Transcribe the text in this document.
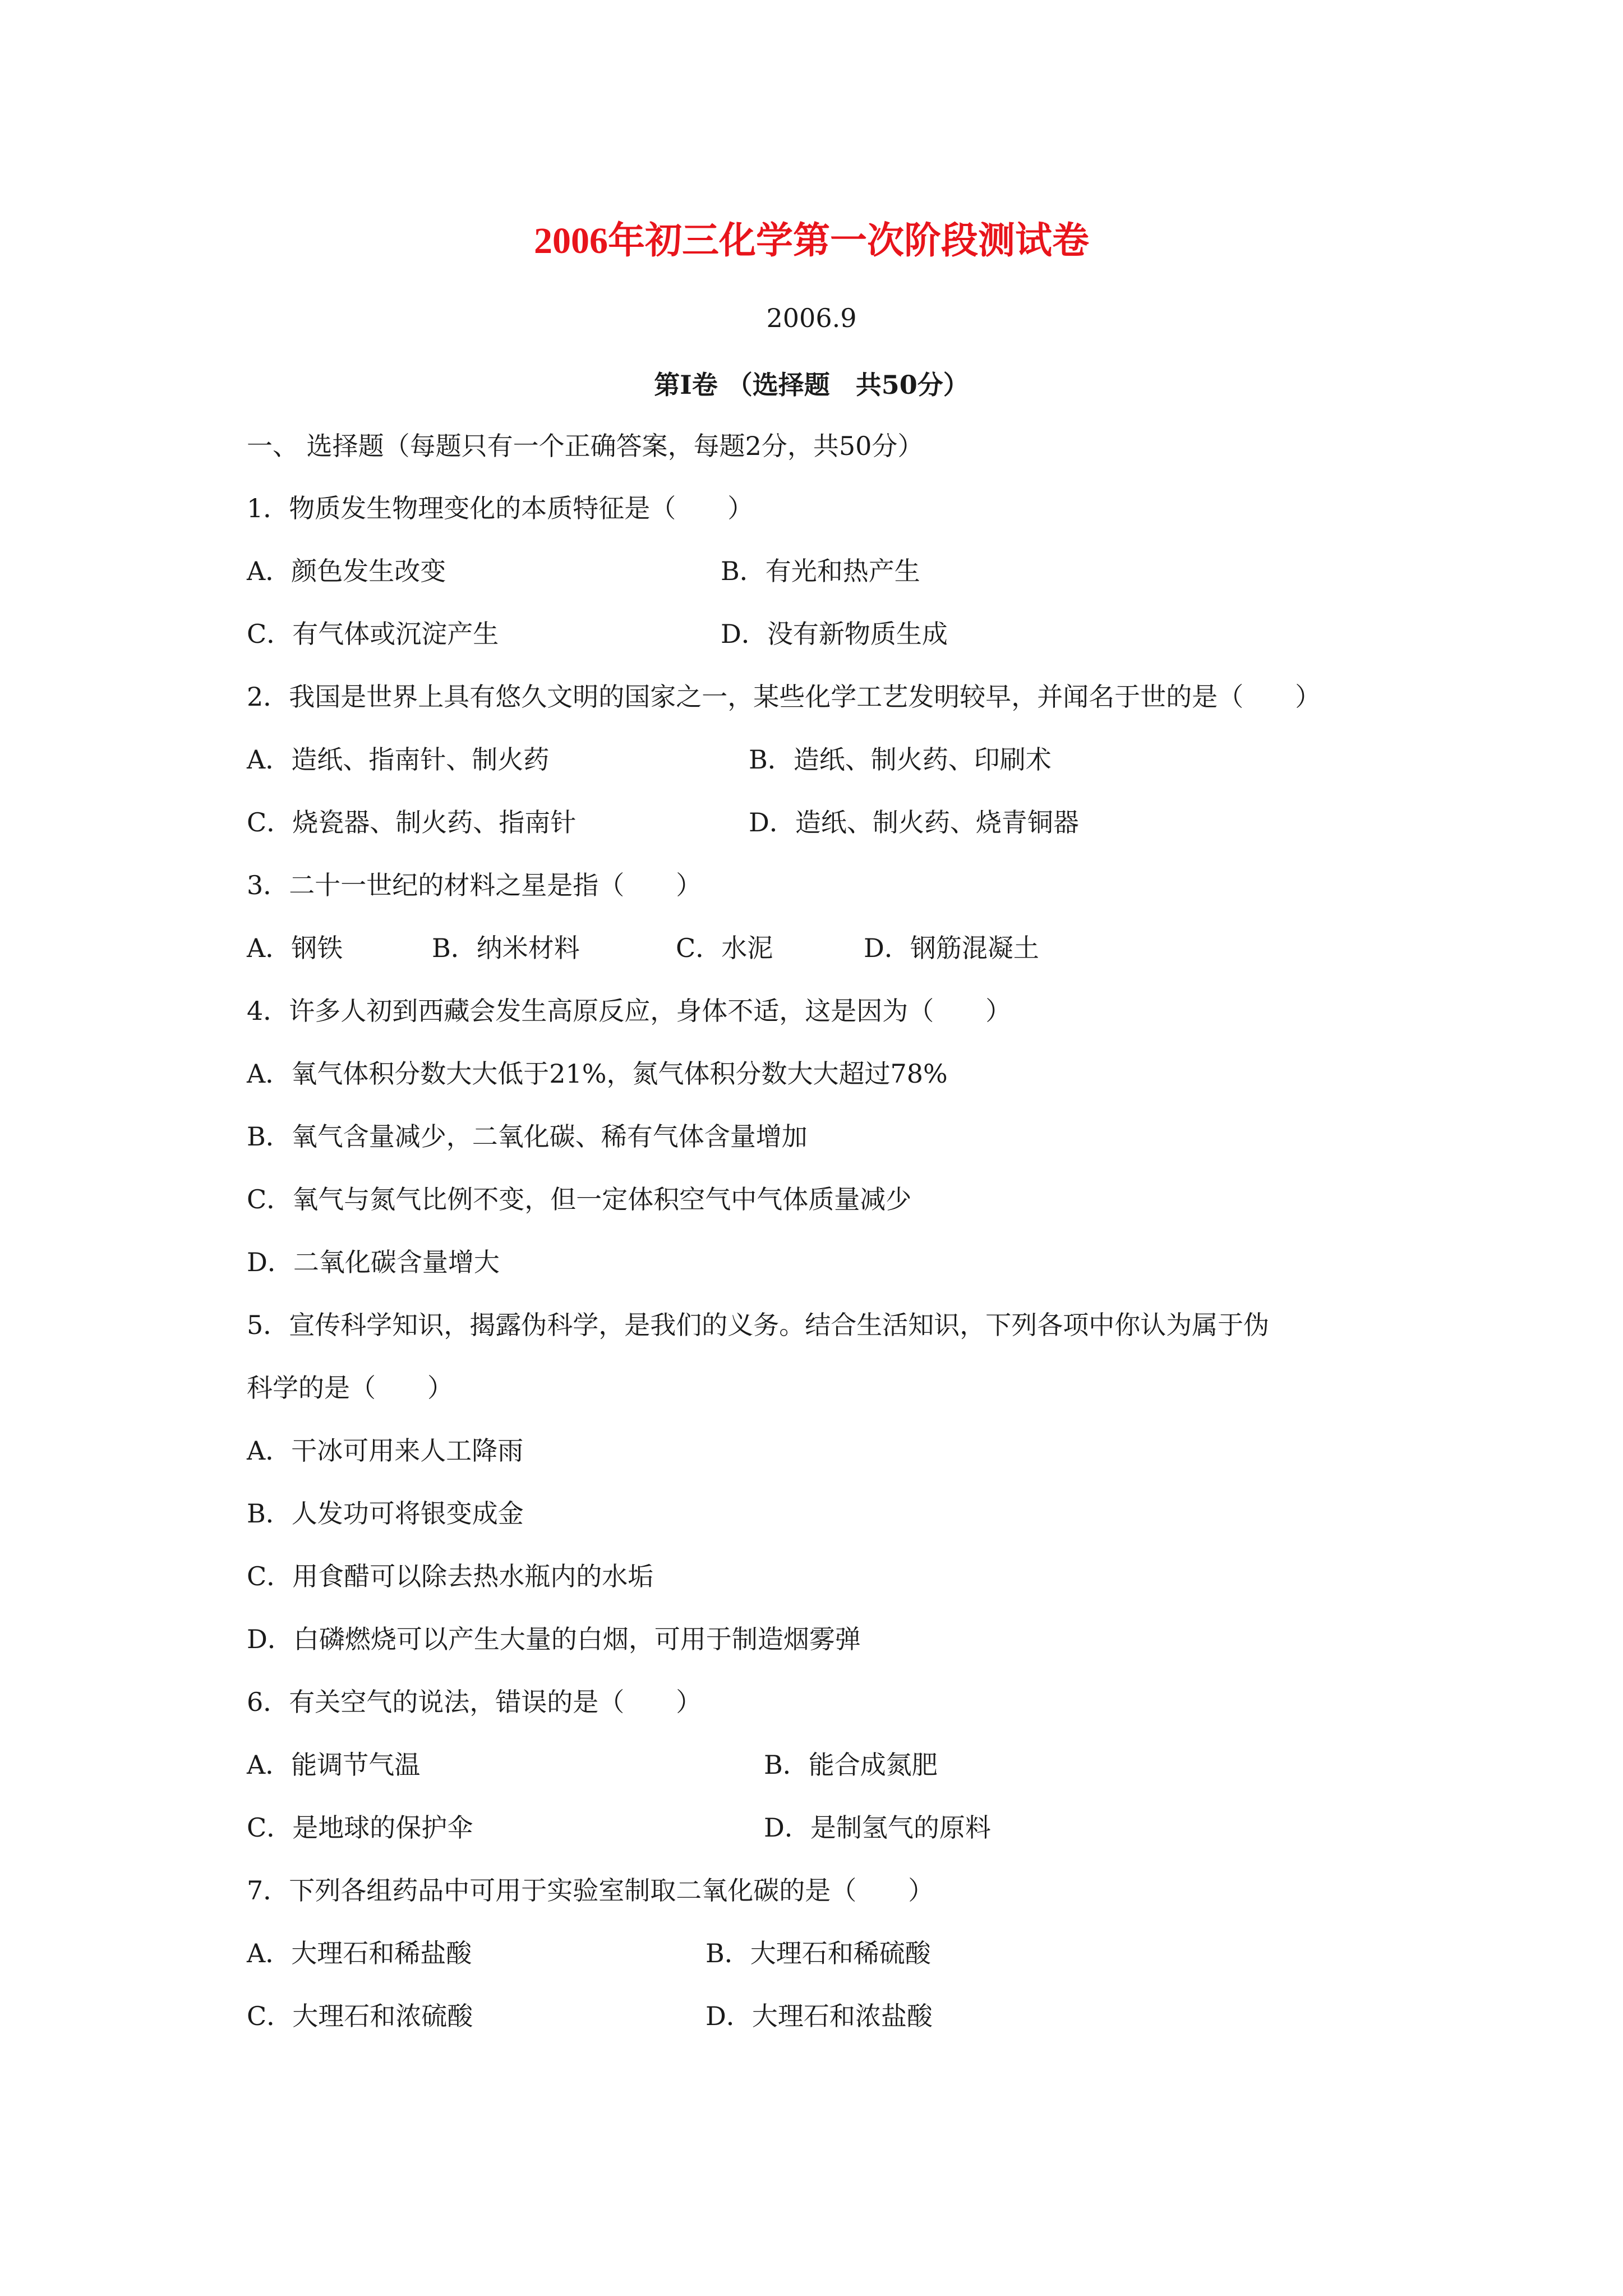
2006年初三化学第一次阶段测试卷
2006.9
第Ⅰ卷 （选择题　共50分）
一、 选择题（每题只有一个正确答案，每题2分，共50分）
1．物质发生物理变化的本质特征是（　　）
A．颜色发生改变	B．有光和热产生
C．有气体或沉淀产生	D．没有新物质生成
2．我国是世界上具有悠久文明的国家之一，某些化学工艺发明较早，并闻名于世的是（　　）
A．造纸、指南针、制火药	B．造纸、制火药、印刷术
C．烧瓷器、制火药、指南针	D．造纸、制火药、烧青铜器
3．二十一世纪的材料之星是指（　　）
A．钢铁	B．纳米材料	C．水泥	D．钢筋混凝土
4．许多人初到西藏会发生高原反应，身体不适，这是因为（　　）
A．氧气体积分数大大低于21%，氮气体积分数大大超过78%
B．氧气含量减少，二氧化碳、稀有气体含量增加
C．氧气与氮气比例不变，但一定体积空气中气体质量减少
D．二氧化碳含量增大
5．宣传科学知识，揭露伪科学，是我们的义务。结合生活知识，下列各项中你认为属于伪
科学的是（　　）
A．干冰可用来人工降雨
B．人发功可将银变成金
C．用食醋可以除去热水瓶内的水垢
D．白磷燃烧可以产生大量的白烟，可用于制造烟雾弹
6．有关空气的说法，错误的是（　　）
A．能调节气温	B．能合成氮肥
C．是地球的保护伞	D．是制氢气的原料
7．下列各组药品中可用于实验室制取二氧化碳的是（　　）
A．大理石和稀盐酸	B．大理石和稀硫酸
C．大理石和浓硫酸	D．大理石和浓盐酸
